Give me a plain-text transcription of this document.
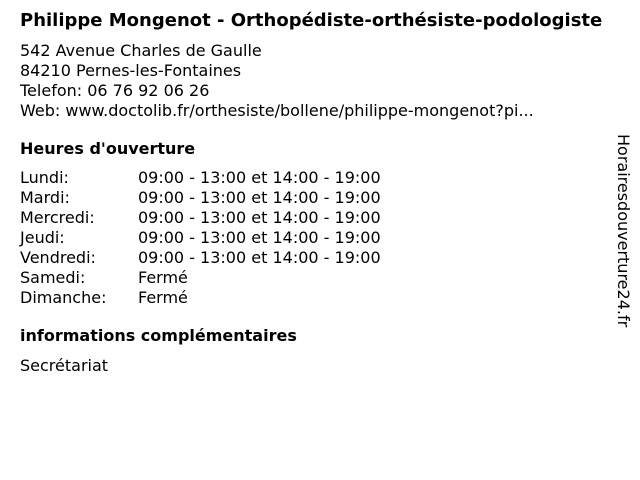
Philippe Mongenot - Orthopédiste-orthésiste-podologiste
542 Avenue Charles de Gaulle
84210 Pernes-les-Fontaines
Telefon: 06 76 92 06 26
Web: www.doctolib.fr/orthesiste/bollene/philippe-mongenot?pi...
Heures d'ouverture
Lundi:	09:00 - 13:00 et 14:00 - 19:00
Mardi:	09:00 - 13:00 et 14:00 - 19:00
Mercredi:	09:00 - 13:00 et 14:00 - 19:00
Jeudi:	09:00 - 13:00 et 14:00 - 19:00
Vendredi:	09:00 - 13:00 et 14:00 - 19:00
Samedi:	Fermé
Dimanche:	Fermé
informations complémentaires
Secrétariat
Horairesdouverture24.fr
